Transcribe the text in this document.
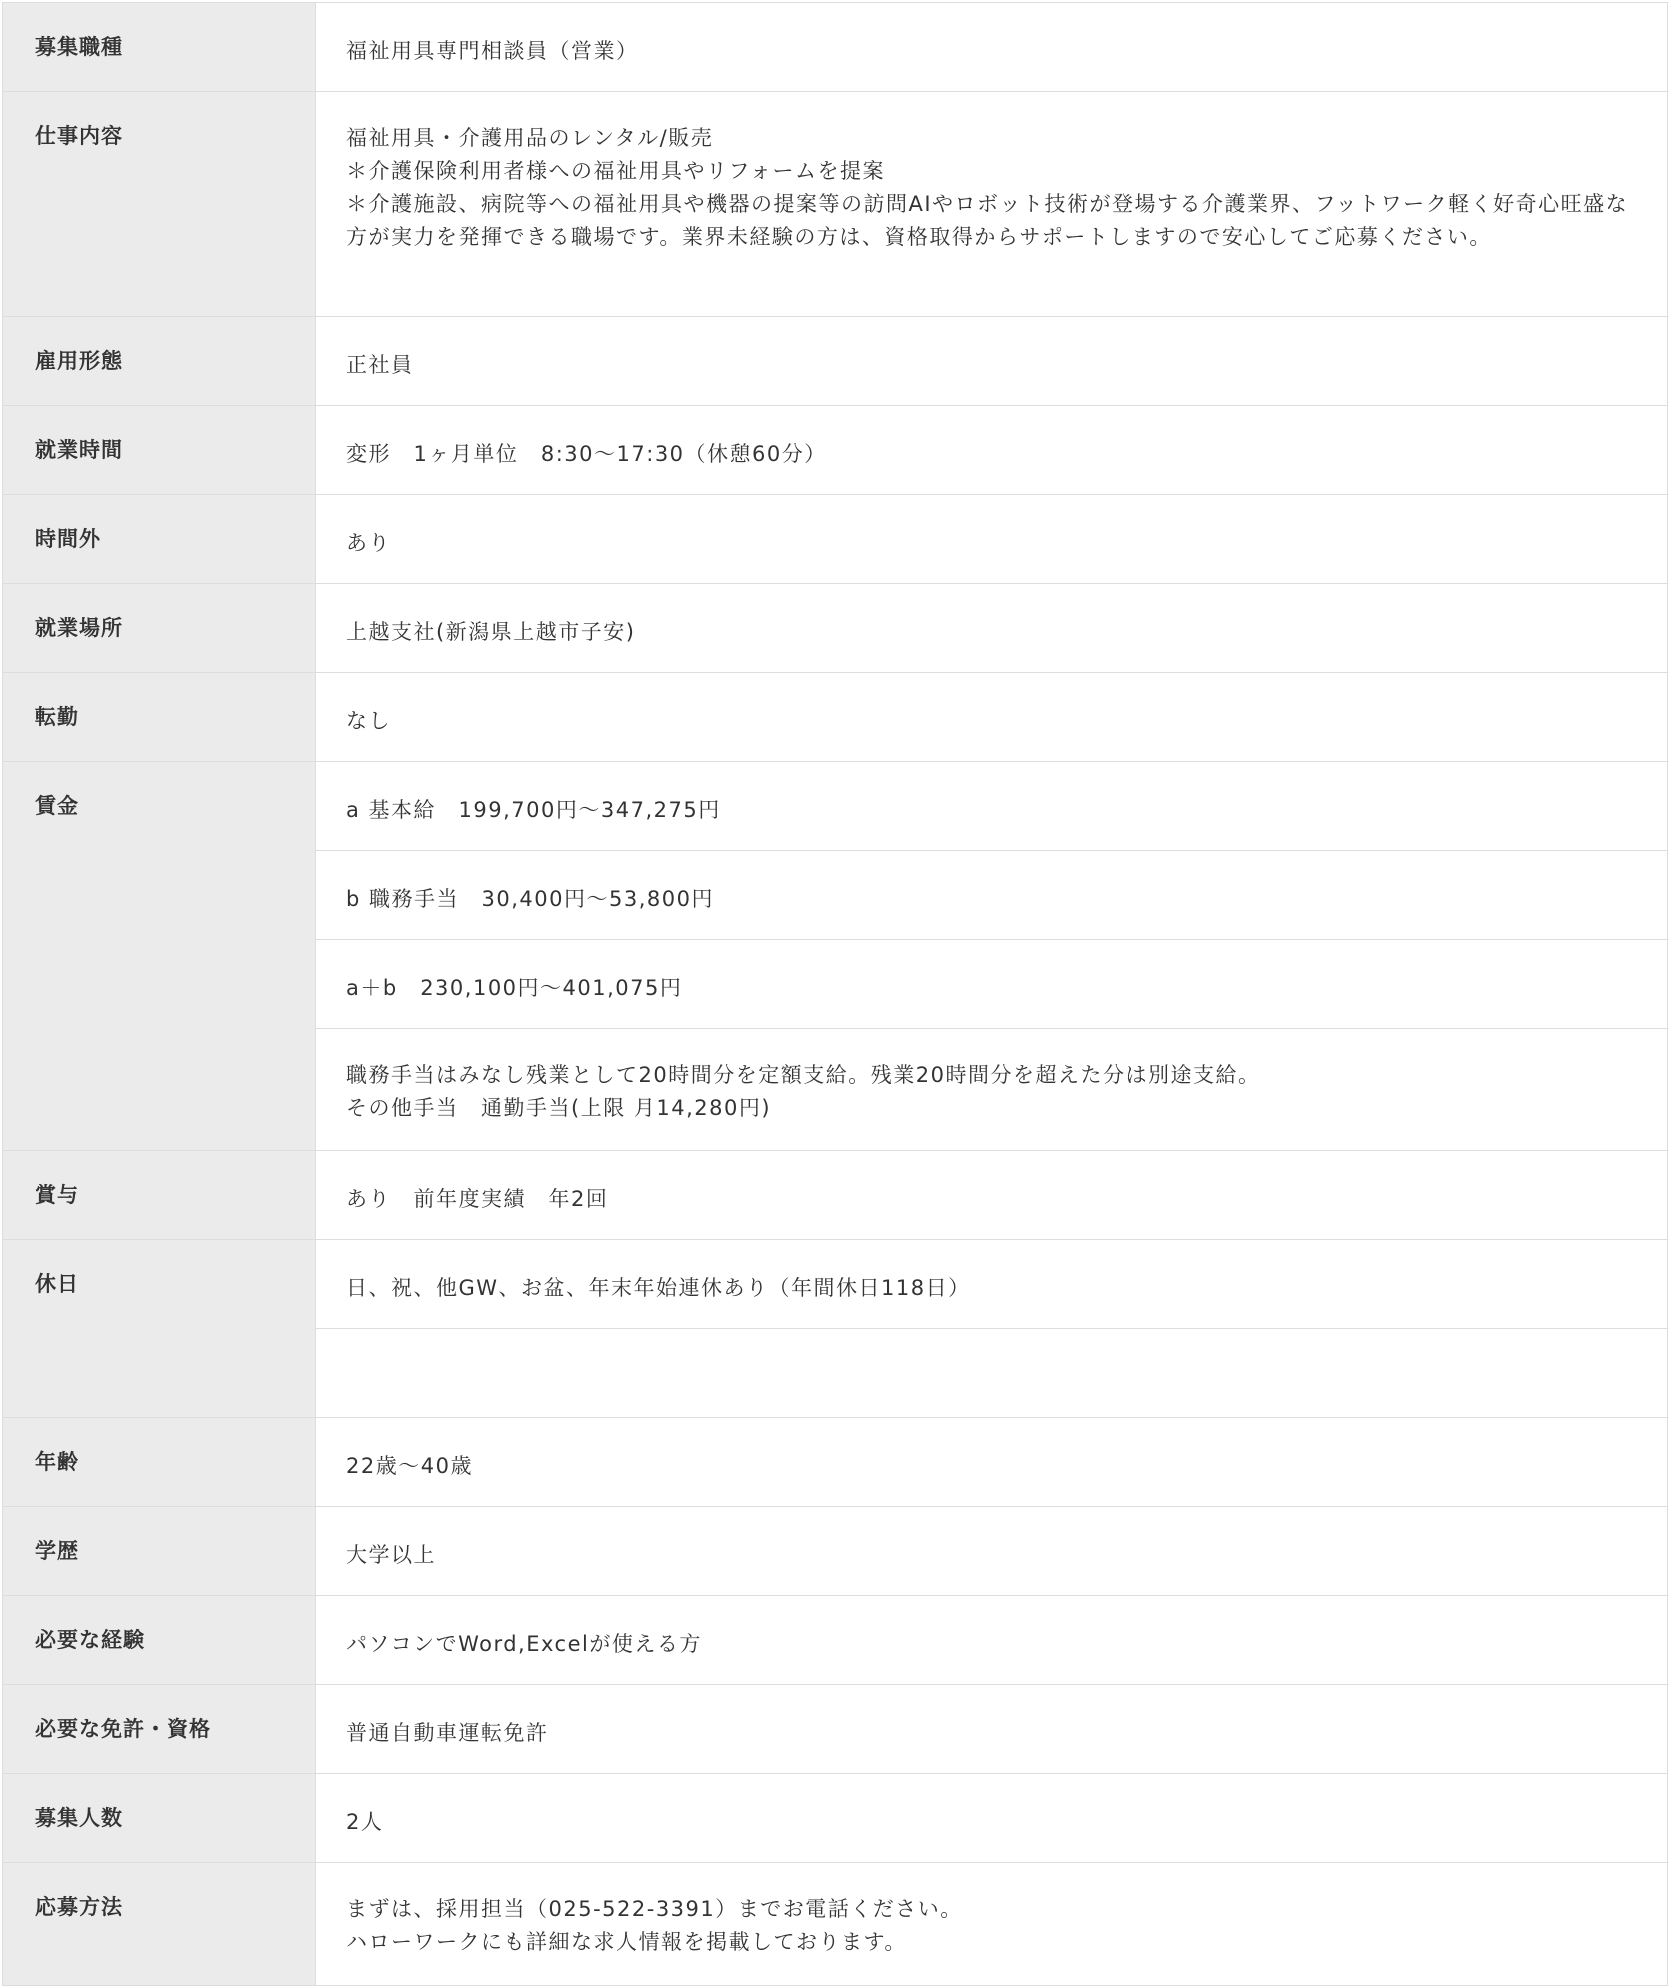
募集職種	福祉用具専門相談員（営業）
仕事内容	福祉用具・介護用品のレンタル/販売
＊介護保険利用者様への福祉用具やリフォームを提案
＊介護施設、病院等への福祉用具や機器の提案等の訪問AIやロボット技術が登場する介護業界、フットワーク軽く好奇心旺盛な方が実力を発揮できる職場です。業界未経験の方は、資格取得からサポートしますので安心してご応募ください。
雇用形態	正社員
就業時間	変形　1ヶ月単位　8:30～17:30（休憩60分）
時間外	あり
就業場所	上越支社(新潟県上越市子安)
転勤	なし
賃金	a 基本給　199,700円～347,275円
b 職務手当　30,400円～53,800円
a＋b　230,100円～401,075円
職務手当はみなし残業として20時間分を定額支給。残業20時間分を超えた分は別途支給。
その他手当　通勤手当(上限 月14,280円)
賞与	あり　前年度実績　年2回
休日	日、祝、他GW、お盆、年末年始連休あり（年間休日118日）
年齢	22歳～40歳
学歴	大学以上
必要な経験	パソコンでWord,Excelが使える方
必要な免許・資格	普通自動車運転免許
募集人数	2人
応募方法	まずは、採用担当（025-522-3391）までお電話ください。
ハローワークにも詳細な求人情報を掲載しております。
